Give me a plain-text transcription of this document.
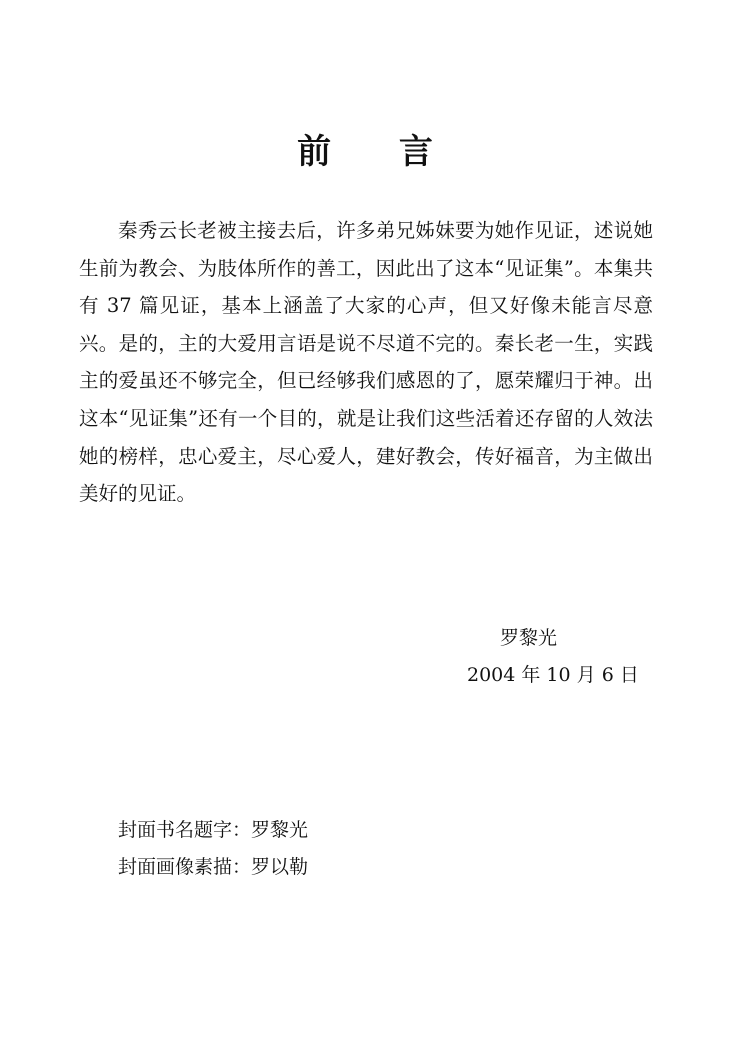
前 言

秦秀云长老被主接去后，许多弟兄姊妹要为她作见证，述说她生前为教会、为肢体所作的善工，因此出了这本“见证集”。本集共有 37 篇见证，基本上涵盖了大家的心声，但又好像未能言尽意兴。是的，主的大爱用言语是说不尽道不完的。秦长老一生，实践主的爱虽还不够完全，但已经够我们感恩的了，愿荣耀归于神。出这本“见证集”还有一个目的，就是让我们这些活着还存留的人效法她的榜样，忠心爱主，尽心爱人，建好教会，传好福音，为主做出美好的见证。

罗黎光
2004 年 10 月 6 日
封面书名题字：罗黎光
封面画像素描：罗以勒
